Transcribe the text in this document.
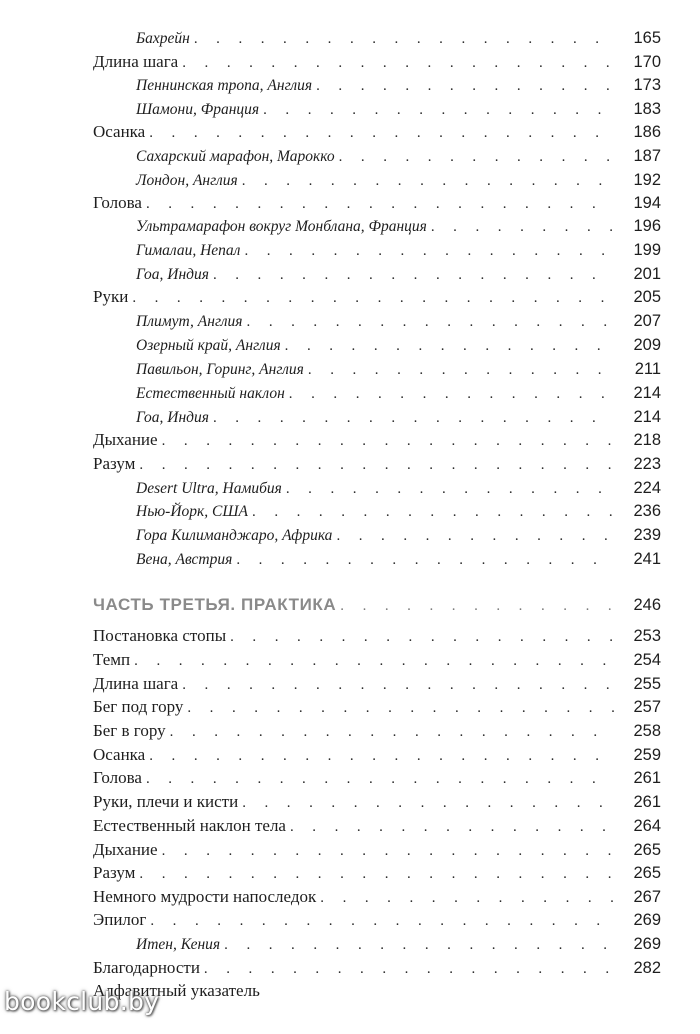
Бахрейн . . .	165
Длина шага . . .	170
Пеннинская тропа, Англия . . .	173
Шамони, Франция . . .	183
Осанка . . .	186
Сахарский марафон, Марокко . . .	187
Лондон, Англия . . .	192
Голова . . .	194
Ультрамарафон вокруг Монблана, Франция . . .	196
Гималаи, Непал . . .	199
Гоа, Индия . . .	201
Руки . . .	205
Плимут, Англия . . .	207
Озерный край, Англия . . .	209
Павильон, Горинг, Англия . . .	211
Естественный наклон . . .	214
Гоа, Индия . . .	214
Дыхание . . .	218
Разум . . .	223
Desert Ultra, Намибия . . .	224
Нью-Йорк, США . . .	236
Гора Килиманджаро, Африка . . .	239
Вена, Австрия . . .	241
ЧАСТЬ ТРЕТЬЯ. ПРАКТИКА . . .	246
Постановка стопы . . .	253
Темп . . .	254
Длина шага . . .	255
Бег под гору . . .	257
Бег в гору . . .	258
Осанка . . .	259
Голова . . .	261
Руки, плечи и кисти . . .	261
Естественный наклон тела . . .	264
Дыхание . . .	265
Разум . . .	265
Немного мудрости напоследок . . .	267
Эпилог . . .	269
Итен, Кения . . .	269
Благодарности . . .	282
Алфавитный указатель
bookclub.by
